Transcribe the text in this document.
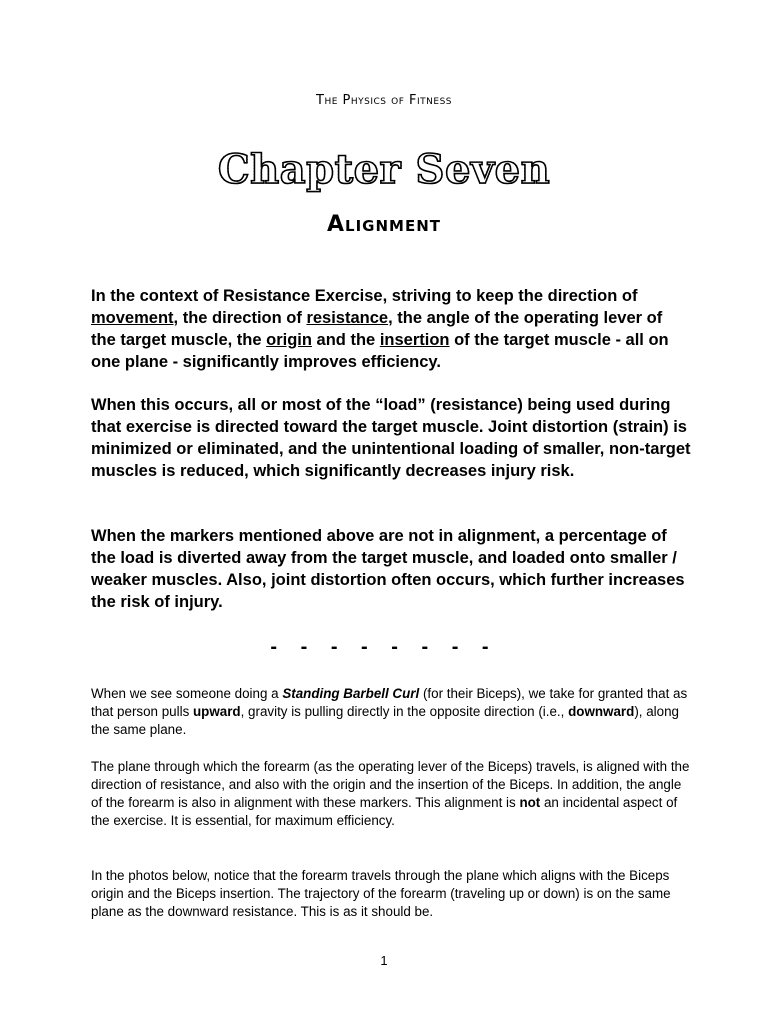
The Physics of Fitness

Chapter Seven
Alignment

In the context of Resistance Exercise, striving to keep the direction of movement, the direction of resistance, the angle of the operating lever of the target muscle, the origin and the insertion of the target muscle - all on one plane - significantly improves efficiency.

When this occurs, all or most of the “load” (resistance) being used during that exercise is directed toward the target muscle. Joint distortion (strain) is minimized or eliminated, and the unintentional loading of smaller, non-target muscles is reduced, which significantly decreases injury risk.

When the markers mentioned above are not in alignment, a percentage of the load is diverted away from the target muscle, and loaded onto smaller / weaker muscles. Also, joint distortion often occurs, which further increases the risk of injury.

- - - - - - - -

When we see someone doing a Standing Barbell Curl (for their Biceps), we take for granted that as that person pulls upward, gravity is pulling directly in the opposite direction (i.e., downward), along the same plane.

The plane through which the forearm (as the operating lever of the Biceps) travels, is aligned with the direction of resistance, and also with the origin and the insertion of the Biceps. In addition, the angle of the forearm is also in alignment with these markers. This alignment is not an incidental aspect of the exercise. It is essential, for maximum efficiency.

In the photos below, notice that the forearm travels through the plane which aligns with the Biceps origin and the Biceps insertion. The trajectory of the forearm (traveling up or down) is on the same plane as the downward resistance. This is as it should be.

1
